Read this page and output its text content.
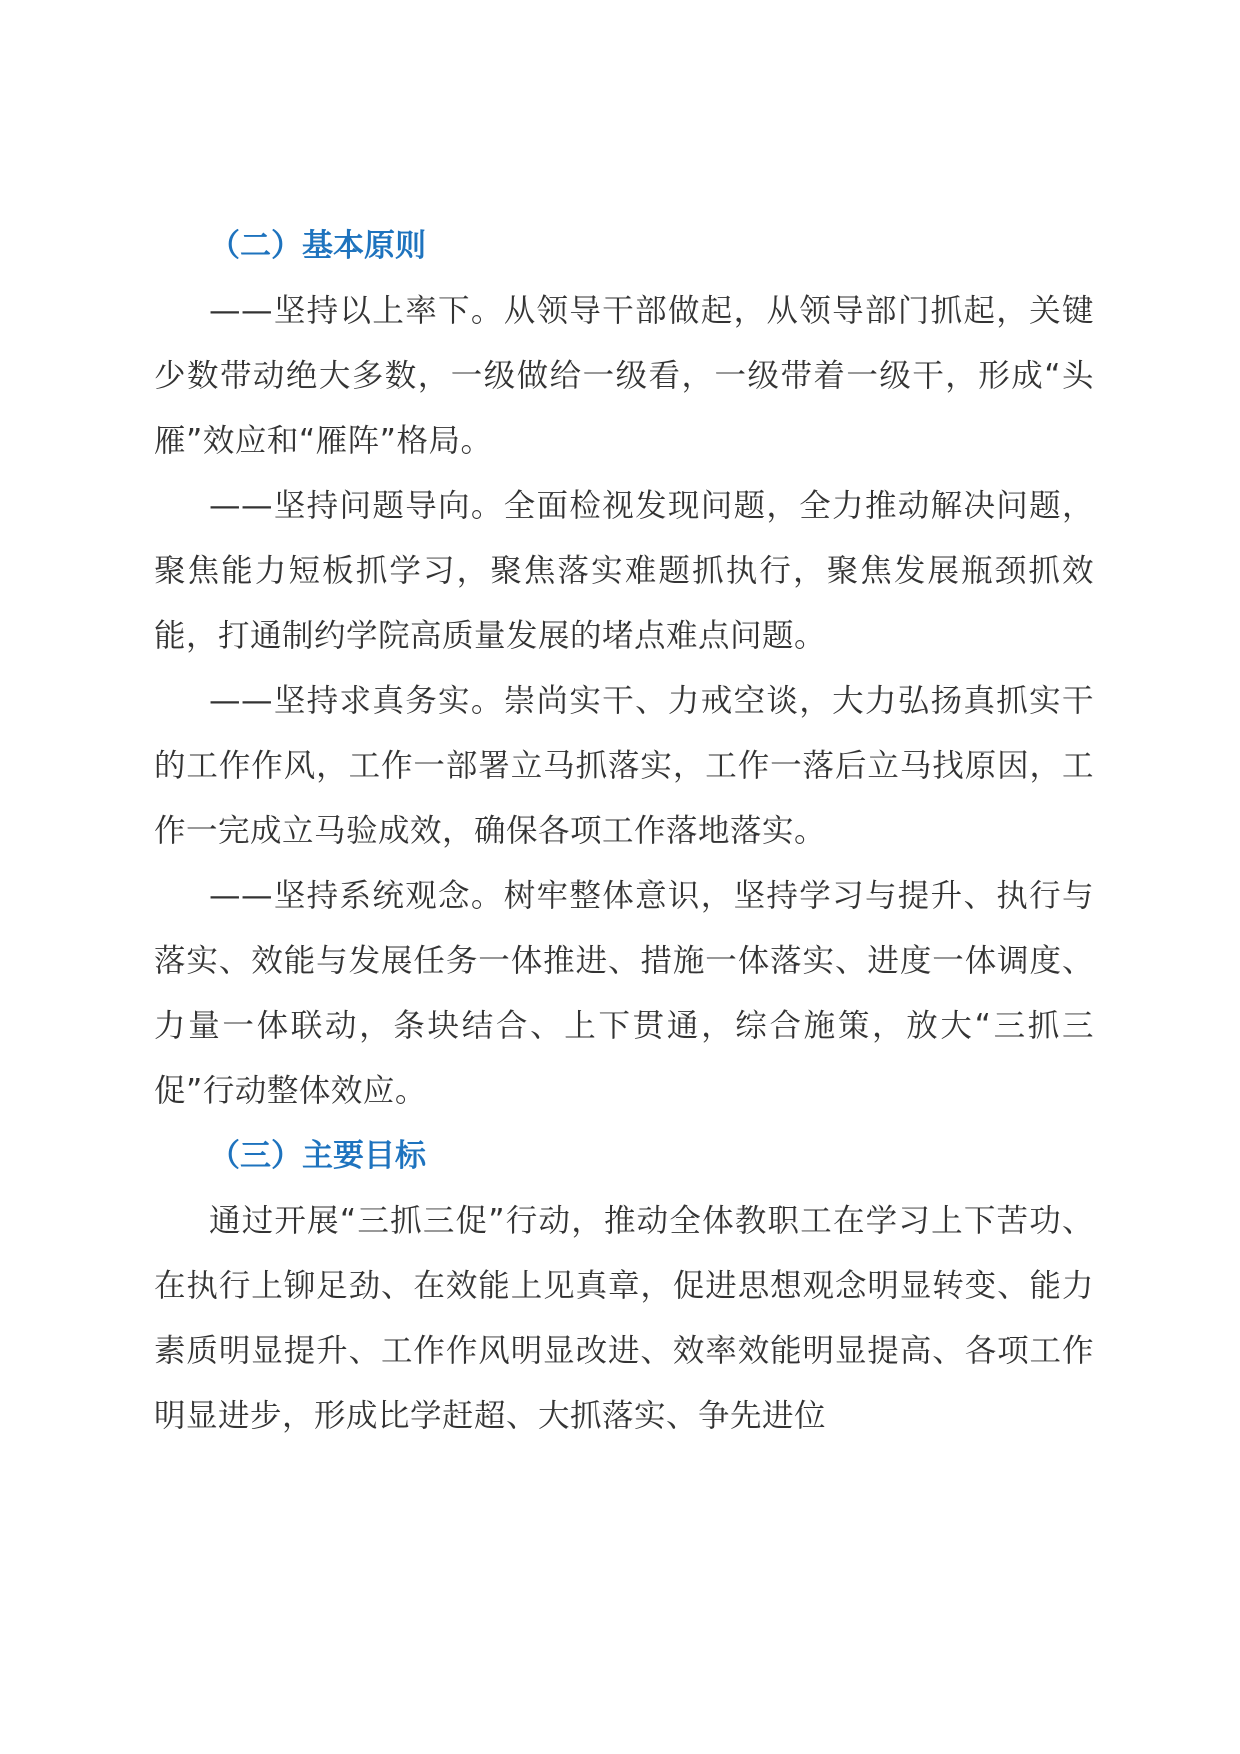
（二）基本原则

——坚持以上率下。从领导干部做起，从领导部门抓起，关键少数带动绝大多数，一级做给一级看，一级带着一级干，形成“头雁”效应和“雁阵”格局。

——坚持问题导向。全面检视发现问题，全力推动解决问题，聚焦能力短板抓学习，聚焦落实难题抓执行，聚焦发展瓶颈抓效能，打通制约学院高质量发展的堵点难点问题。

——坚持求真务实。崇尚实干、力戒空谈，大力弘扬真抓实干的工作作风，工作一部署立马抓落实，工作一落后立马找原因，工作一完成立马验成效，确保各项工作落地落实。

——坚持系统观念。树牢整体意识，坚持学习与提升、执行与落实、效能与发展任务一体推进、措施一体落实、进度一体调度、力量一体联动，条块结合、上下贯通，综合施策，放大“三抓三促”行动整体效应。

（三）主要目标

通过开展“三抓三促”行动，推动全体教职工在学习上下苦功、在执行上铆足劲、在效能上见真章，促进思想观念明显转变、能力素质明显提升、工作作风明显改进、效率效能明显提高、各项工作明显进步，形成比学赶超、大抓落实、争先进位
